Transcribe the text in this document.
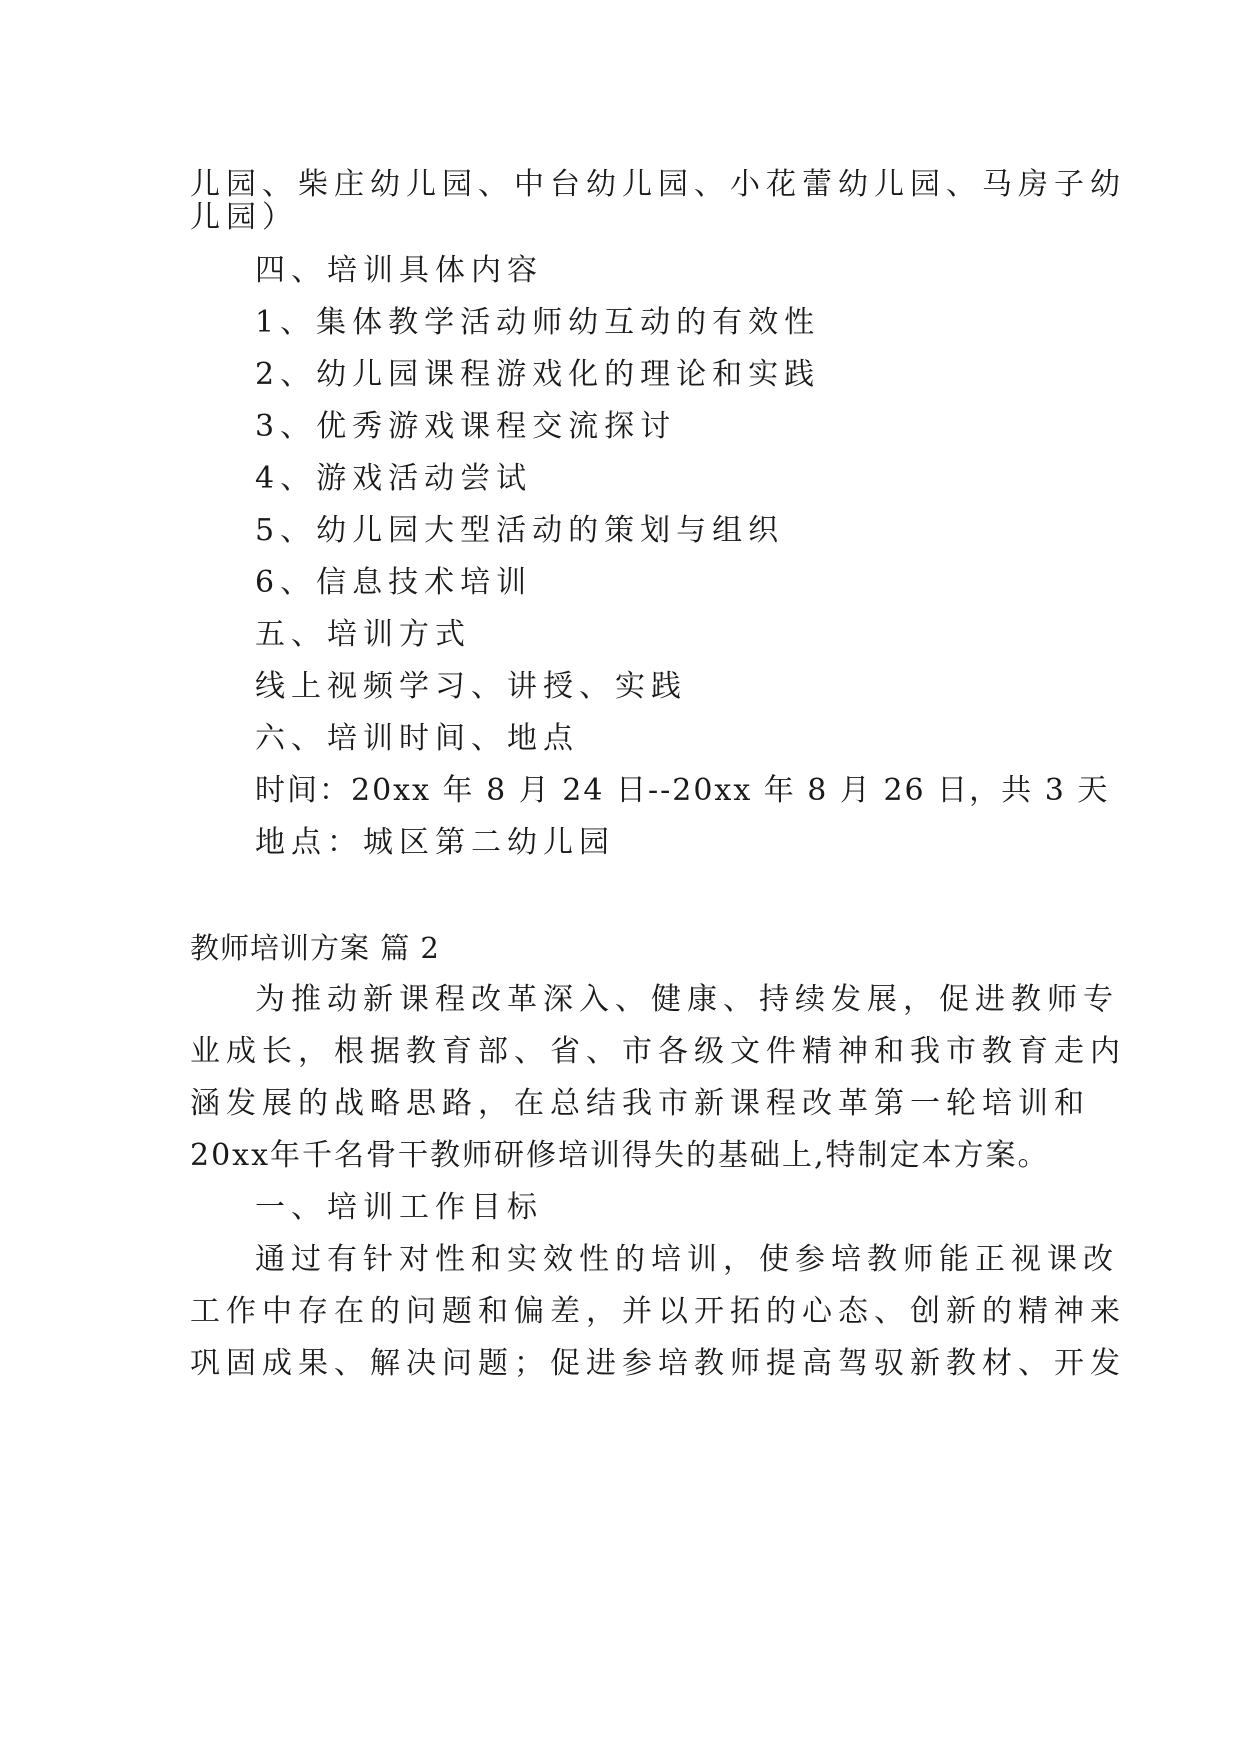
儿园、柴庄幼儿园、中台幼儿园、小花蕾幼儿园、马房子幼
儿园）
四、培训具体内容
1、集体教学活动师幼互动的有效性
2、幼儿园课程游戏化的理论和实践
3、优秀游戏课程交流探讨
4、游戏活动尝试
5、幼儿园大型活动的策划与组织
6、信息技术培训
五、培训方式
线上视频学习、讲授、实践
六、培训时间、地点
时间：20xx 年 8 月 24 日--20xx 年 8 月 26 日，共 3 天
地点：城区第二幼儿园
教师培训方案 篇 2
为推动新课程改革深入、健康、持续发展，促进教师专
业成长，根据教育部、省、市各级文件精神和我市教育走内
涵发展的战略思路，在总结我市新课程改革第一轮培训和
20xx年千名骨干教师研修培训得失的基础上,特制定本方案。
一、培训工作目标
通过有针对性和实效性的培训，使参培教师能正视课改
工作中存在的问题和偏差，并以开拓的心态、创新的精神来
巩固成果、解决问题；促进参培教师提高驾驭新教材、开发
